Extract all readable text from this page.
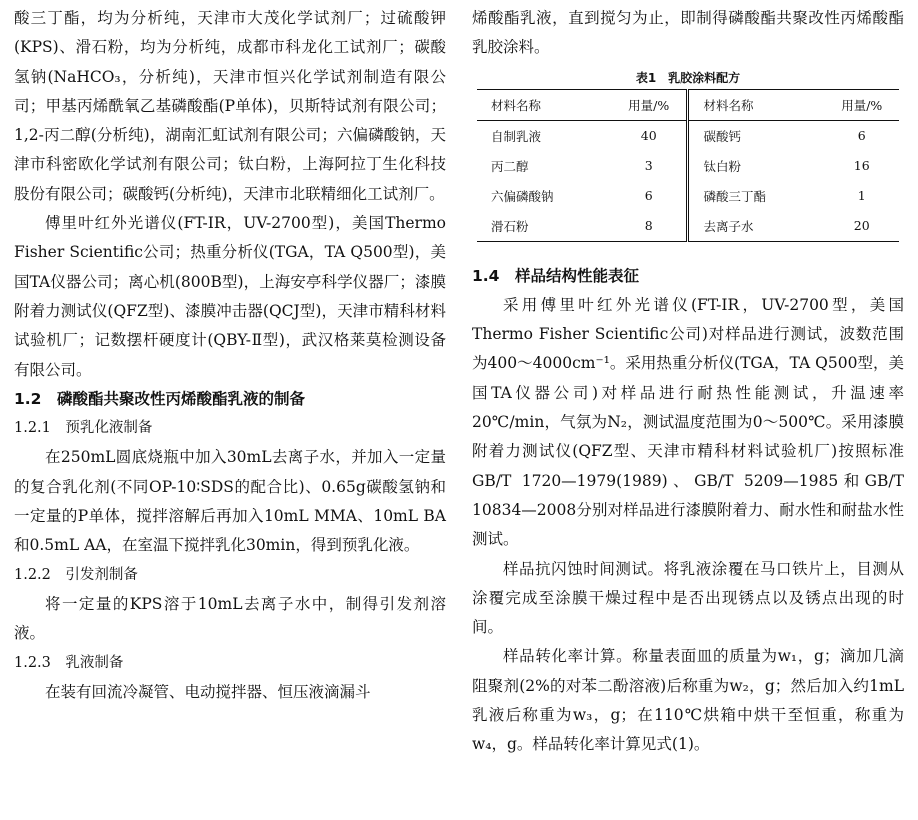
酸三丁酯，均为分析纯，天津市大茂化学试剂厂；过硫酸钾(KPS)、滑石粉，均为分析纯，成都市科龙化工试剂厂；碳酸氢钠(NaHCO₃，分析纯)，天津市恒兴化学试剂制造有限公司；甲基丙烯酰氧乙基磷酸酯(P单体)，贝斯特试剂有限公司；1,2-丙二醇(分析纯)，湖南汇虹试剂有限公司；六偏磷酸钠，天津市科密欧化学试剂有限公司；钛白粉，上海阿拉丁生化科技股份有限公司；碳酸钙(分析纯)，天津市北联精细化工试剂厂。

傅里叶红外光谱仪(FT-IR，UV-2700型)，美国Thermo Fisher Scientific公司；热重分析仪(TGA，TA Q500型)，美国TA仪器公司；离心机(800B型)，上海安亭科学仪器厂；漆膜附着力测试仪(QFZ型)、漆膜冲击器(QCJ型)，天津市精科材料试验机厂；记数摆杆硬度计(QBY-Ⅱ型)，武汉格莱莫检测设备有限公司。

1.2　磷酸酯共聚改性丙烯酸酯乳液的制备

1.2.1　预乳化液制备

在250mL圆底烧瓶中加入30mL去离子水，并加入一定量的复合乳化剂(不同OP-10∶SDS的配合比)、0.65g碳酸氢钠和一定量的P单体，搅拌溶解后再加入10mL MMA、10mL BA和0.5mL AA，在室温下搅拌乳化30min，得到预乳化液。

1.2.2　引发剂制备

将一定量的KPS溶于10mL去离子水中，制得引发剂溶液。

1.2.3　乳液制备

在装有回流冷凝管、电动搅拌器、恒压液滴漏斗

烯酸酯乳液，直到搅匀为止，即制得磷酸酯共聚改性丙烯酸酯乳胶涂料。

表1　乳胶涂料配方

材料名称	用量/%	材料名称	用量/%
自制乳液	40	碳酸钙	6
丙二醇	3	钛白粉	16
六偏磷酸钠	6	磷酸三丁酯	1
滑石粉	8	去离子水	20

1.4　样品结构性能表征

采用傅里叶红外光谱仪(FT-IR，UV-2700型，美国Thermo Fisher Scientific公司)对样品进行测试，波数范围为400～4000cm⁻¹。采用热重分析仪(TGA，TA Q500型，美国TA仪器公司)对样品进行耐热性能测试，升温速率20℃/min，气氛为N₂，测试温度范围为0～500℃。采用漆膜附着力测试仪(QFZ型、天津市精科材料试验机厂)按照标准GB/T 1720—1979(1989)、GB/T 5209—1985和GB/T 10834—2008分别对样品进行漆膜附着力、耐水性和耐盐水性测试。

样品抗闪蚀时间测试。将乳液涂覆在马口铁片上，目测从涂覆完成至涂膜干燥过程中是否出现锈点以及锈点出现的时间。

样品转化率计算。称量表面皿的质量为w₁，g；滴加几滴阻聚剂(2%的对苯二酚溶液)后称重为w₂，g；然后加入约1mL乳液后称重为w₃，g；在110℃烘箱中烘干至恒重，称重为w₄，g。样品转化率计算见式(1)。
